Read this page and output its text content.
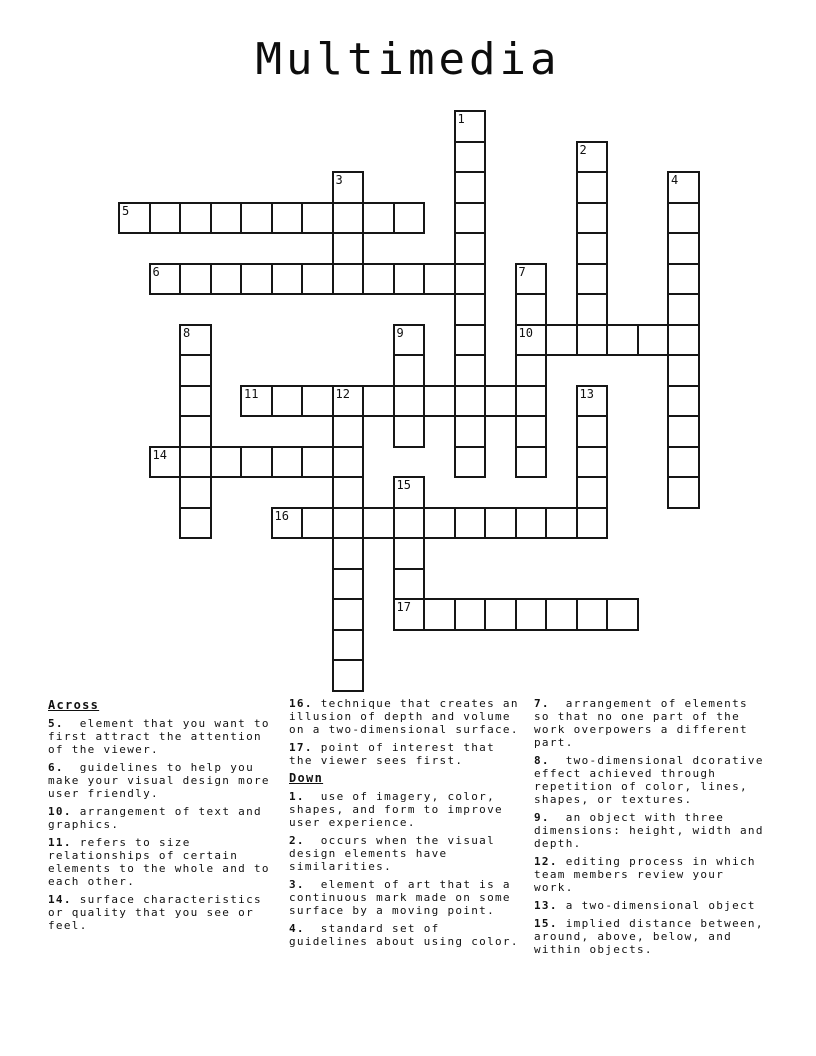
Multimedia
1
2
3	4
5
6	7
10
8	9
11	12	13
14
15
17
16
Across

5. element that you want to first attract the attention of the viewer.

6. guidelines to help you make your visual design more user friendly.

10. arrangement of text and graphics.

11. refers to size relationships of certain elements to the whole and to each other.

14. surface characteristics or quality that you see or feel.

16. technique that creates an illusion of depth and volume on a two-dimensional surface.

17. point of interest that the viewer sees first.

Down

1. use of imagery, color, shapes, and form to improve user experience.

2. occurs when the visual design elements have similarities.

3. element of art that is a continuous mark made on some surface by a moving point.

4. standard set of guidelines about using color.

7. arrangement of elements so that no one part of the work overpowers a different part.

8. two-dimensional dcorative effect achieved through repetition of color, lines, shapes, or textures.

9. an object with three dimensions: height, width and depth.

12. editing process in which team members review your work.

13. a two-dimensional object

15. implied distance between, around, above, below, and within objects.
